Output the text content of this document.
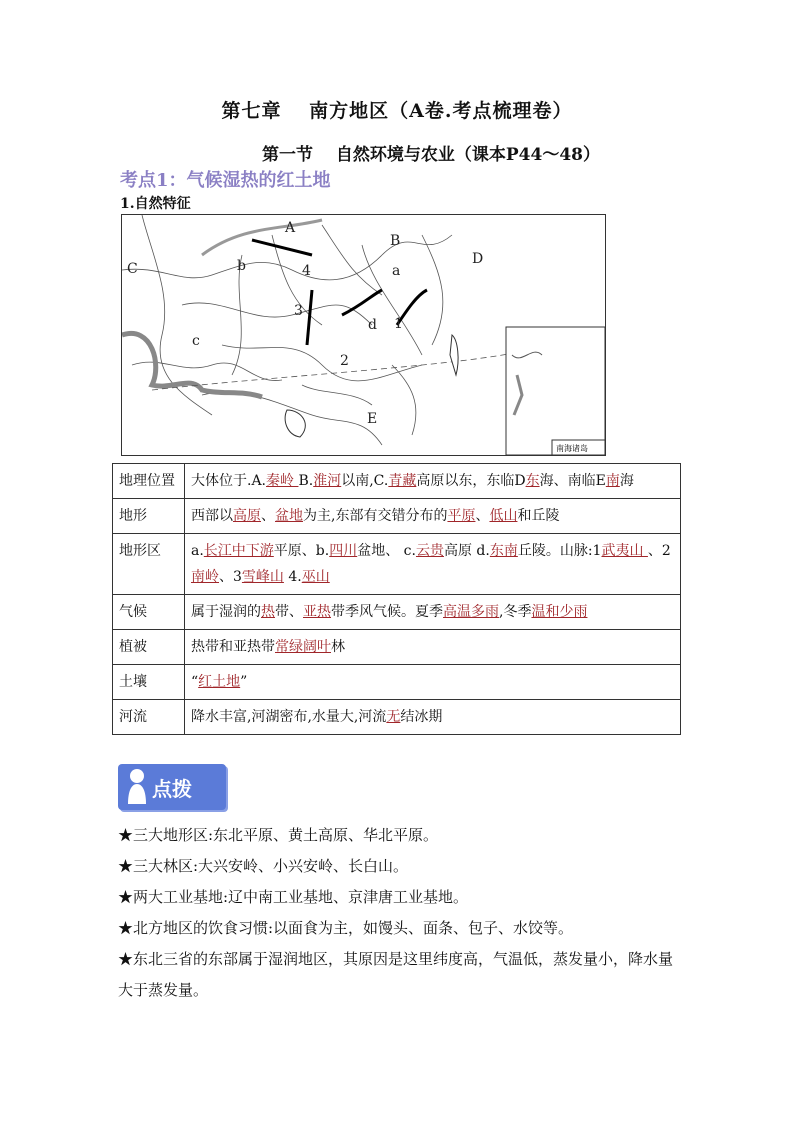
第七章　 南方地区（A卷.考点梳理卷）
第一节　 自然环境与农业（课本P44～48）
考点1：气候湿热的红土地
1.自然特征
南海诸岛
A
B
C
D
E
a
b
c
d 1
2
3
4
地理位置	大体位于.A.秦岭 B.淮河以南,C.青藏高原以东，东临D东海、南临E南海
地形	西部以高原、盆地为主,东部有交错分布的平原、低山和丘陵
地形区	a.长江中下游平原、b.四川盆地、 c.云贵高原 d.东南丘陵。山脉:1武夷山 、2南岭、3雪峰山 4.巫山
气候	属于湿润的热带、亚热带季风气候。夏季高温多雨,冬季温和少雨
植被	热带和亚热带常绿阔叶林
土壤	“红土地”
河流	降水丰富,河湖密布,水量大,河流无结冰期
点拨

★三大地形区:东北平原、黄土高原、华北平原。

★三大林区:大兴安岭、小兴安岭、长白山。

★两大工业基地:辽中南工业基地、京津唐工业基地。

★北方地区的饮食习惯:以面食为主，如馒头、面条、包子、水饺等。

★东北三省的东部属于湿润地区，其原因是这里纬度高，气温低，蒸发量小，降水量大于蒸发量。
